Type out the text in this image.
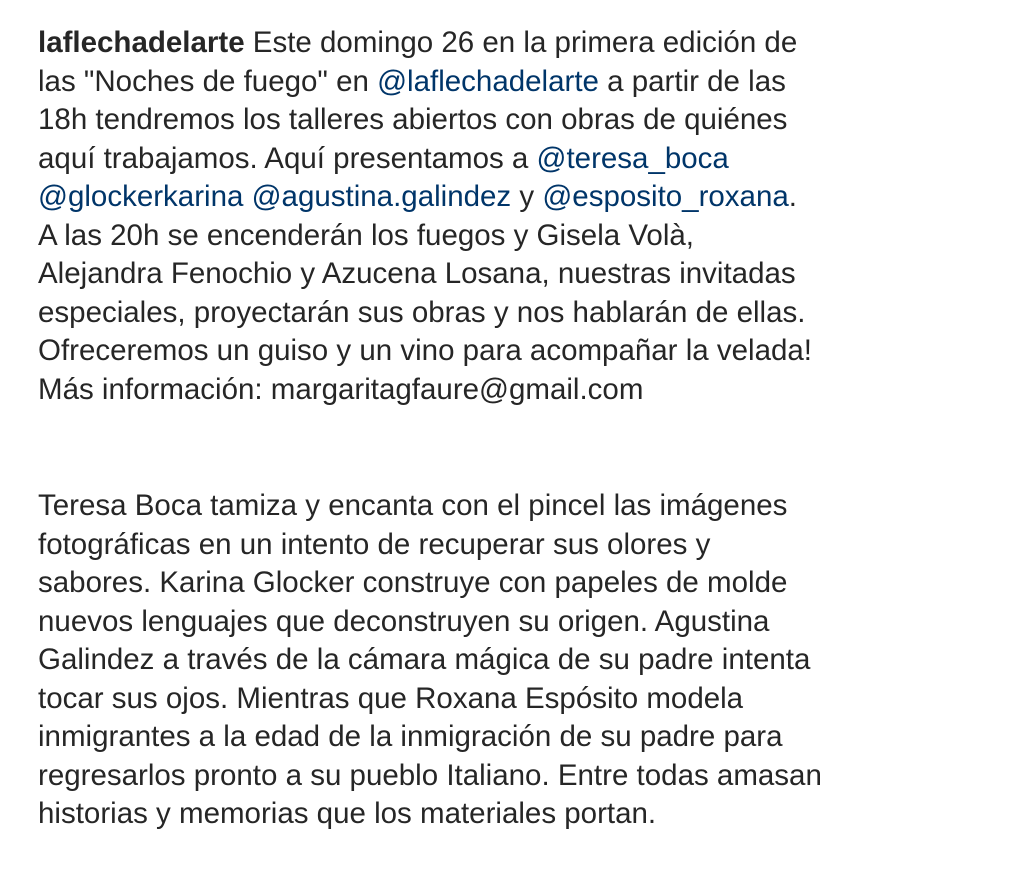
laflechadelarte Este domingo 26 en la primera edición de
las "Noches de fuego" en @laflechadelarte a partir de las
18h tendremos los talleres abiertos con obras de quiénes
aquí trabajamos. Aquí presentamos a @teresa_boca
@glockerkarina @agustina.galindez y @esposito_roxana.
A las 20h se encenderán los fuegos y Gisela Volà,
Alejandra Fenochio y Azucena Losana, nuestras invitadas
especiales, proyectarán sus obras y nos hablarán de ellas.
Ofreceremos un guiso y un vino para acompañar la velada!
Más información: margaritagfaure@gmail.com
Teresa Boca tamiza y encanta con el pincel las imágenes
fotográficas en un intento de recuperar sus olores y
sabores. Karina Glocker construye con papeles de molde
nuevos lenguajes que deconstruyen su origen. Agustina
Galindez a través de la cámara mágica de su padre intenta
tocar sus ojos. Mientras que Roxana Espósito modela
inmigrantes a la edad de la inmigración de su padre para
regresarlos pronto a su pueblo Italiano. Entre todas amasan
historias y memorias que los materiales portan.
